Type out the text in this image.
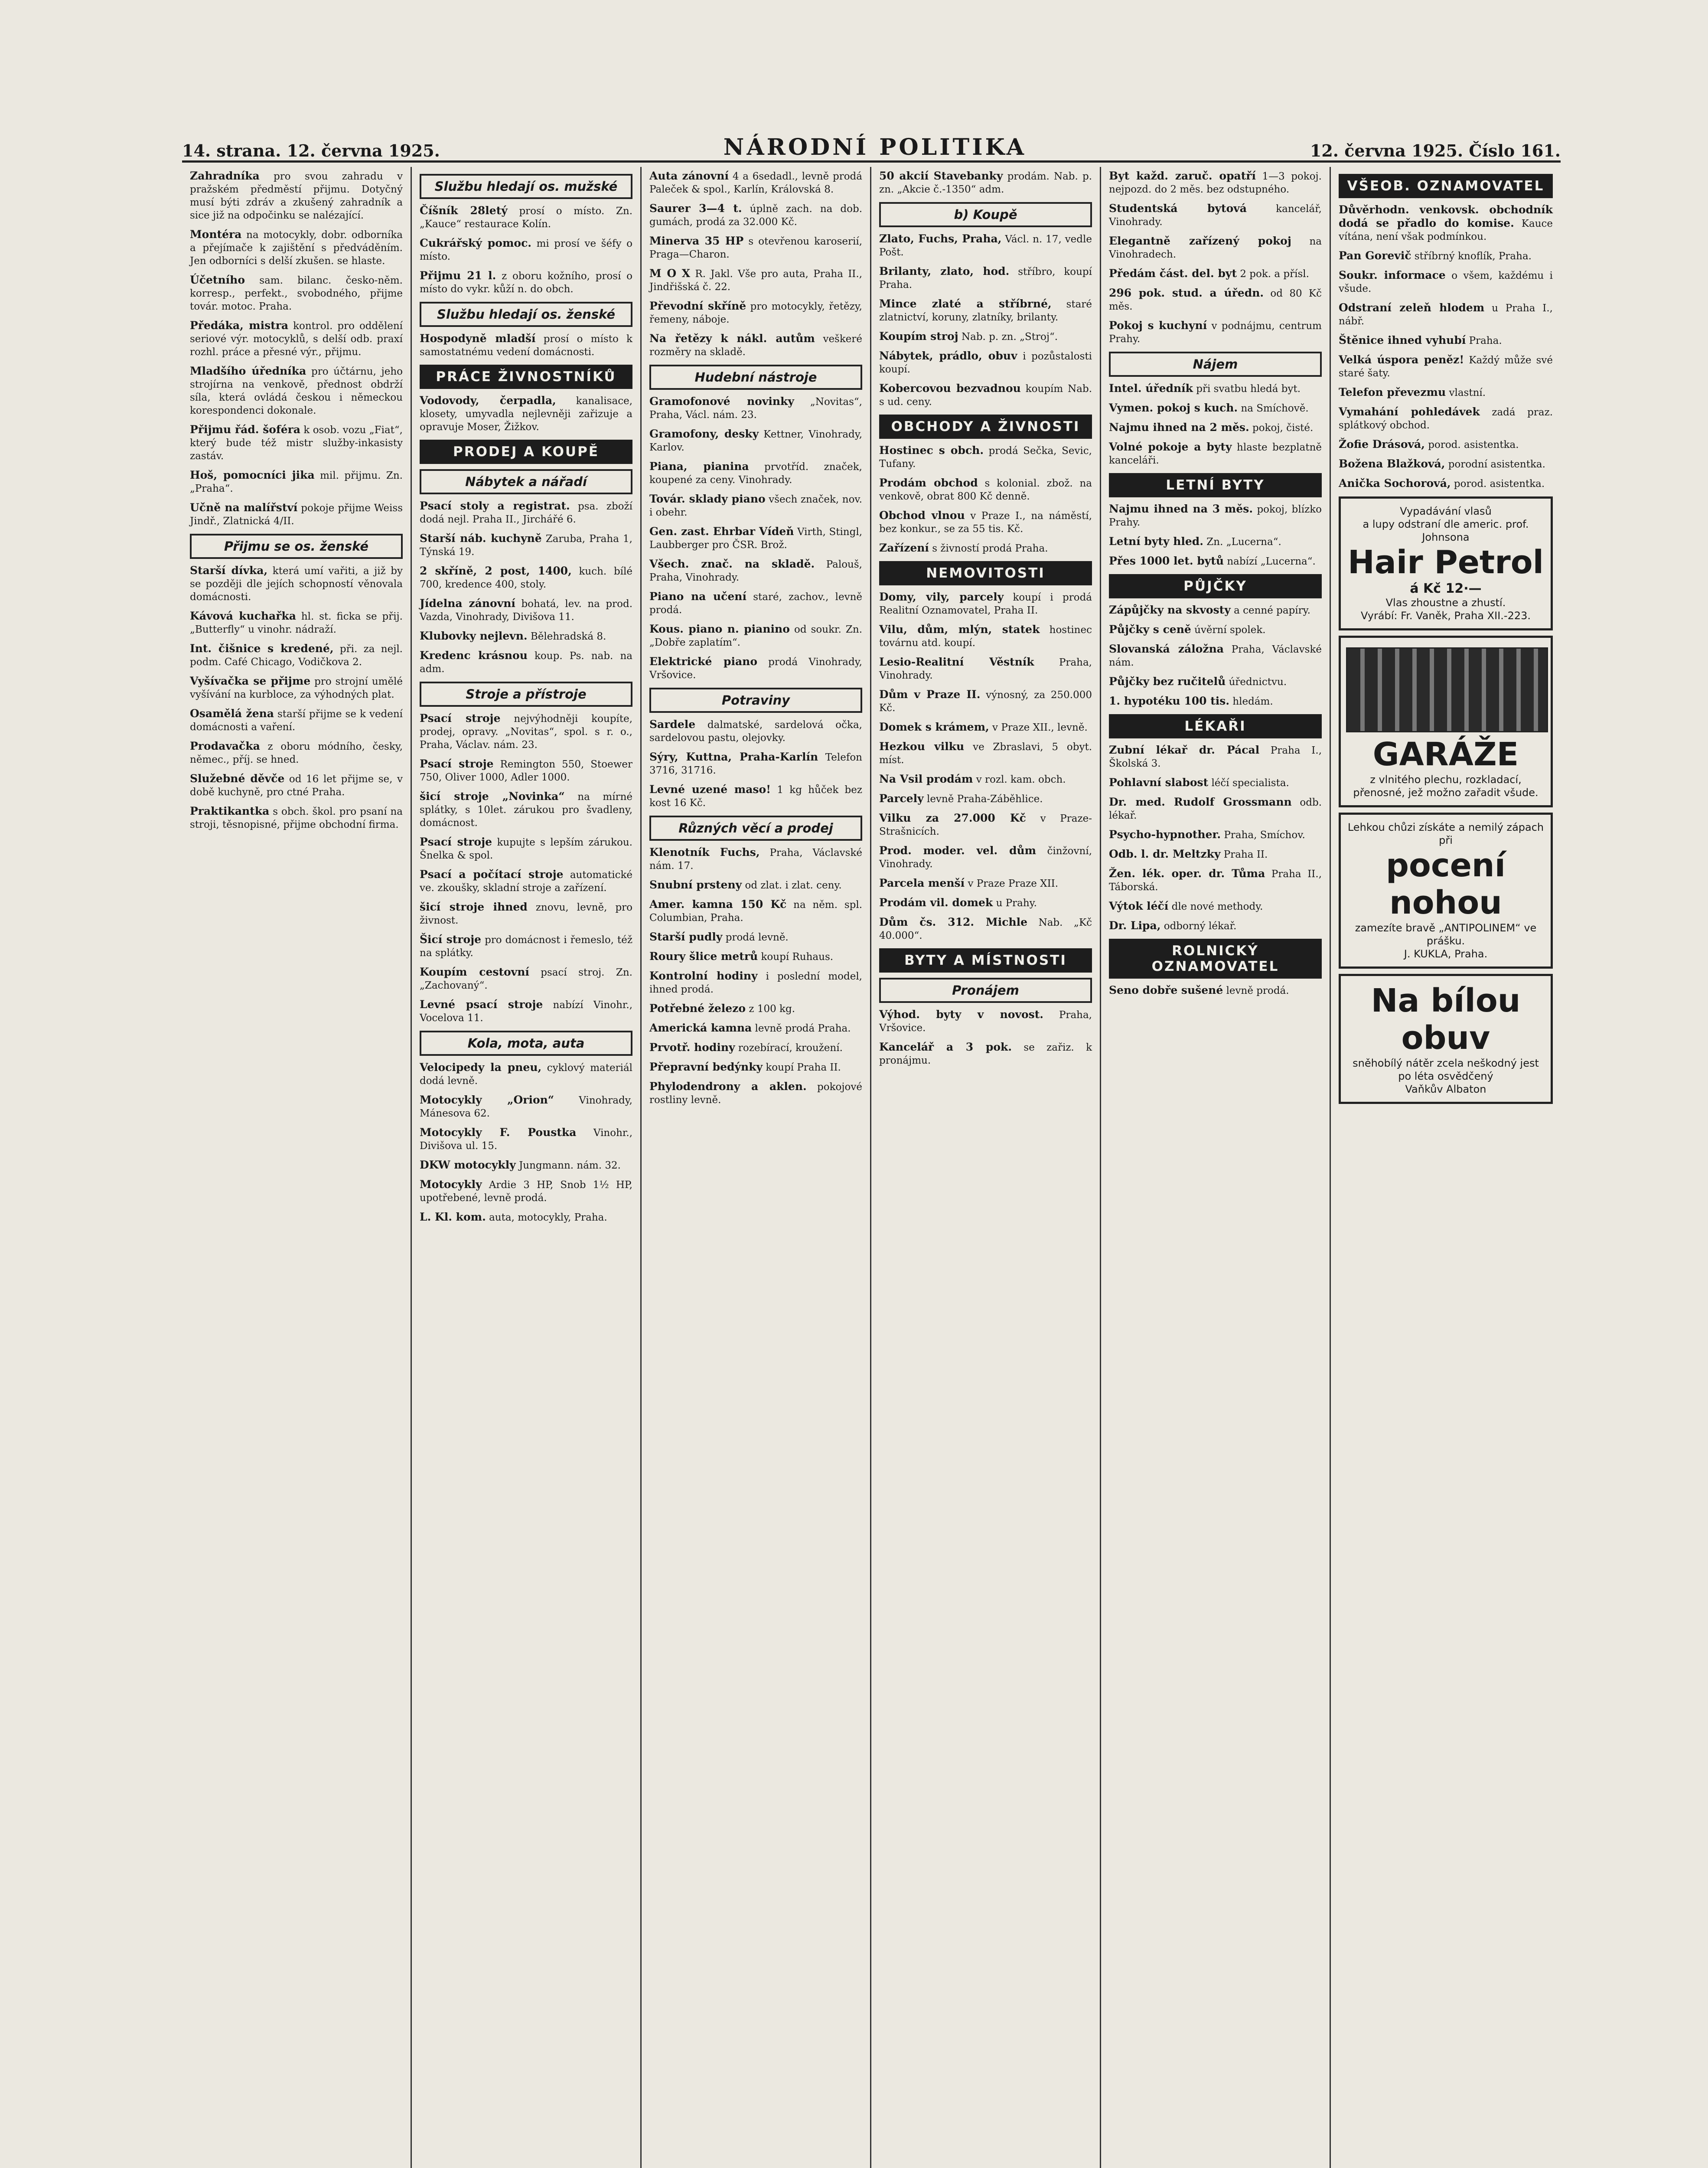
14. strana. 12. června 1925.	NÁRODNÍ POLITIKA	12. června 1925. Číslo 161.
Zahradníka pro svou zahradu v pražském předměstí přijmu. Dotyčný musí býti zdráv a zkušený zahradník a sice již na odpočinku se nalézající.
Montéra na motocykly, dobr. odborníka a přejímače k zajištění s předváděním. Jen odborníci s delší zkušen. se hlaste.
Účetního sam. bilanc. česko-něm. korresp., perfekt., svobodného, přijme továr. motoc. Praha.
Předáka, mistra kontrol. pro oddělení seriové výr. motocyklů, s delší odb. praxí rozhl. práce a přesné výr., přijmu.
Mladšího úředníka pro účtárnu, jeho strojírna na venkově, přednost obdrží síla, která ovládá českou i německou korespondenci dokonale.
Přijmu řád. šoféra k osob. vozu „Fiat“, který bude též mistr služby-inkasisty zastáv.
Hoš, pomocníci jika mil. přijmu. Zn. „Praha“.
Učně na malířství pokoje přijme Weiss Jindř., Zlatnická 4/II.
Přijmu se os. ženské
Starší dívka, která umí vařiti, a již by se později dle jejích schopností věnovala domácnosti.
Kávová kuchařka hl. st. ficka se přij. „Butterfly“ u vinohr. nádraží.
Int. čišnice s kredené, při. za nejl. podm. Café Chicago, Vodičkova 2.
Vyšívačka se přijme pro strojní umělé vyšívání na kurbloce, za výhodných plat.
Osamělá žena starší přijme se k vedení domácnosti a vaření.
Prodavačka z oboru módního, česky, němec., příj. se hned.
Služebné děvče od 16 let přijme se, v době kuchyně, pro ctné Praha.
Praktikantka s obch. škol. pro psaní na stroji, těsnopisné, přijme obchodní firma.
Službu hledají os. mužské
Číšník 28letý prosí o místo. Zn. „Kauce“ restaurace Kolín.
Cukrářský pomoc. mi prosí ve šéfy o místo.
Přijmu 21 l. z oboru kožního, prosí o místo do vykr. kůží n. do obch.
Službu hledají os. ženské
Hospodyně mladší prosí o místo k samostatnému vedení domácnosti.
PRÁCE ŽIVNOSTNÍKŮ
Vodovody, čerpadla, kanalisace, klosety, umyvadla nejlevněji zařizuje a opravuje Moser, Žižkov.
PRODEJ A KOUPĚ
Nábytek a nářadí
Psací stoly a registrat. psa. zboží dodá nejl. Praha II., Jirchářé 6.
Starší náb. kuchyně Zaruba, Praha 1, Týnská 19.
2 skříně, 2 post, 1400, kuch. bílé 700, kredence 400, stoly.
Jídelna zánovní bohatá, lev. na prod. Vazda, Vinohrady, Divišova 11.
Klubovky nejlevn. Bělehradská 8.
Kredenc krásnou koup. Ps. nab. na adm.
Stroje a přístroje
Psací stroje nejvýhodněji koupíte, prodej, opravy. „Novitas“, spol. s r. o., Praha, Václav. nám. 23.
Psací stroje Remington 550, Stoewer 750, Oliver 1000, Adler 1000.
šicí stroje „Novinka“ na mírné splátky, s 10let. zárukou pro švadleny, domácnost.
Psací stroje kupujte s lepším zárukou. Šnelka & spol.
Psací a počítací stroje automatické ve. zkoušky, skladní stroje a zařízení.
šicí stroje ihned znovu, levně, pro živnost.
Šicí stroje pro domácnost i řemeslo, též na splátky.
Koupím cestovní psací stroj. Zn. „Zachovaný“.
Levné psací stroje nabízí Vinohr., Vocelova 11.
Kola, mota, auta
Velocipedy la pneu, cyklový materiál dodá levně.
Motocykly „Orion“ Vinohrady, Mánesova 62.
Motocykly F. Poustka Vinohr., Divišova ul. 15.
DKW motocykly Jungmann. nám. 32.
Motocykly Ardie 3 HP, Snob 1½ HP, upotřebené, levně prodá.
L. Kl. kom. auta, motocykly, Praha.
Auta zánovní 4 a 6sedadl., levně prodá Paleček & spol., Karlín, Královská 8.
Saurer 3—4 t. úplně zach. na dob. gumách, prodá za 32.000 Kč.
Minerva 35 HP s otevřenou karoserií, Praga—Charon.
M O X R. Jakl. Vše pro auta, Praha II., Jindřišská č. 22.
Převodní skříně pro motocykly, řetězy, řemeny, náboje.
Na řetězy k nákl. autům veškeré rozměry na skladě.
Hudební nástroje
Gramofonové novinky „Novitas“, Praha, Václ. nám. 23.
Gramofony, desky Kettner, Vinohrady, Karlov.
Piana, pianina prvotříd. značek, koupené za ceny. Vinohrady.
Továr. sklady piano všech značek, nov. i obehr.
Gen. zast. Ehrbar Vídeň Virth, Stingl, Laubberger pro ČSR. Brož.
Všech. znač. na skladě. Palouš, Praha, Vinohrady.
Piano na učení staré, zachov., levně prodá.
Kous. piano n. pianino od soukr. Zn. „Dobře zaplatím“.
Elektrické piano prodá Vinohrady, Vršovice.
Potraviny
Sardele dalmatské, sardelová očka, sardelovou pastu, olejovky.
Sýry, Kuttna, Praha-Karlín Telefon 3716, 31716.
Levné uzené maso! 1 kg hůček bez kost 16 Kč.
Různých věcí a prodej
Klenotník Fuchs, Praha, Václavské nám. 17.
Snubní prsteny od zlat. i zlat. ceny.
Amer. kamna 150 Kč na něm. spl. Columbian, Praha.
Starší pudly prodá levně.
Roury šlice metrů koupí Ruhaus.
Kontrolní hodiny i poslední model, ihned prodá.
Potřebné železo z 100 kg.
Americká kamna levně prodá Praha.
Prvotř. hodiny rozebírací, kroužení.
Přepravní bedýnky koupí Praha II.
Phylodendrony a aklen. pokojové rostliny levně.
50 akcií Stavebanky prodám. Nab. p. zn. „Akcie č.-1350“ adm.
b) Koupě
Zlato, Fuchs, Praha, Václ. n. 17, vedle Pošt.
Brilanty, zlato, hod. stříbro, koupí Praha.
Mince zlaté a stříbrné, staré zlatnictví, koruny, zlatníky, brilanty.
Koupím stroj Nab. p. zn. „Stroj“.
Nábytek, prádlo, obuv i pozůstalosti koupí.
Kobercovou bezvadnou koupím Nab. s ud. ceny.
OBCHODY A ŽIVNOSTI
Hostinec s obch. prodá Sečka, Sevic, Tufany.
Prodám obchod s kolonial. zbož. na venkově, obrat 800 Kč denně.
Obchod vlnou v Praze I., na náměstí, bez konkur., se za 55 tis. Kč.
Zařízení s živností prodá Praha.
NEMOVITOSTI
Domy, vily, parcely koupí i prodá Realitní Oznamovatel, Praha II.
Vilu, dům, mlýn, statek hostinec továrnu atd. koupí.
Lesio-Realitní Věstník Praha, Vinohrady.
Dům v Praze II. výnosný, za 250.000 Kč.
Domek s krámem, v Praze XII., levně.
Hezkou vilku ve Zbraslavi, 5 obyt. míst.
Na Vsil prodám v rozl. kam. obch.
Parcely levně Praha-Záběhlice.
Vilku za 27.000 Kč v Praze-Strašnicích.
Prod. moder. vel. dům činžovní, Vinohrady.
Parcela menší v Praze Praze XII.
Prodám vil. domek u Prahy.
Dům čs. 312. Michle Nab. „Kč 40.000“.
BYTY A MÍSTNOSTI
Pronájem
Výhod. byty v novost. Praha, Vršovice.
Kancelář a 3 pok. se zařiz. k pronájmu.
Byt každ. zaruč. opatří 1—3 pokoj. nejpozd. do 2 měs. bez odstupného.
Studentská bytová	kancelář, Vinohrady.
Elegantně zařízený pokoj na Vinohradech.
Předám část. del. byt 2 pok. a přísl.
296 pok. stud. a úředn. od 80 Kč měs.
Pokoj s kuchyní v podnájmu, centrum Prahy.
Nájem
Intel. úředník při svatbu hledá byt.
Vymen. pokoj s kuch. na Smíchově.
Najmu ihned na 2 měs. pokoj, čisté.
Volné pokoje a byty hlaste bezplatně kanceláři.
LETNÍ BYTY
Najmu ihned na 3 měs. pokoj, blízko Prahy.
Letní byty hled. Zn. „Lucerna“.
Přes 1000 let. bytů nabízí „Lucerna“.
PŮJČKY
Zápůjčky na skvosty a cenné papíry.
Půjčky s ceně úvěrní spolek.
Slovanská záložna Praha, Václavské nám.
Půjčky bez ručitelů úřednictvu.
1. hypotéku 100 tis. hledám.
LÉKAŘI
Zubní lékař dr. Pácal Praha I., Školská 3.
Pohlavní slabost léčí specialista.
Dr. med. Rudolf Grossmann odb. lékař.
Psycho-hypnother. Praha, Smíchov.
Odb. l. dr. Meltzky Praha II.
Žen. lék. oper. dr. Tůma Praha II., Táborská.
Výtok léčí dle nové methody.
Dr. Lipa, odborný lékař.
ROLNICKÝ OZNAMOVATEL
Seno dobře sušené levně prodá.
VŠEOB. OZNAMOVATEL
Důvěrhodn. venkovsk. obchodník dodá se přadlo do komise. Kauce vítána, není však podmínkou.
Pan Gorevič stříbrný knoflík, Praha.
Soukr. informace o všem, každému i všude.
Odstraní zeleň hlodem u Praha I., nábř.
Štěnice ihned vyhubí Praha.
Velká úspora peněz! Každý může své staré šaty.
Telefon převezmu vlastní.
Vymahání pohledávek zadá praz. splátkový obchod.
Žofie Drásová, porod. asistentka.
Božena Blažková, porodní asistentka.
Anička Sochorová, porod. asistentka.
Vypadávání vlasů
a lupy odstraní dle americ. prof. Johnsona
Hair Petrol
á Kč 12·—
Vlas zhoustne a zhustí.
Vyrábí: Fr. Vaněk, Praha XII.-223.
GARÁŽE
z vlnitého plechu, rozkladací, přenosné, jež možno zařadit všude.
Lehkou chůzi získáte a nemilý zápach při
pocení nohou
zamezíte bravě „ANTIPOLINEM“ ve prášku.
J. KUKLA, Praha.
Na bílou obuv
sněhobílý nátěr zcela neškodný jest po léta osvědčený
Vaňkův Albaton
